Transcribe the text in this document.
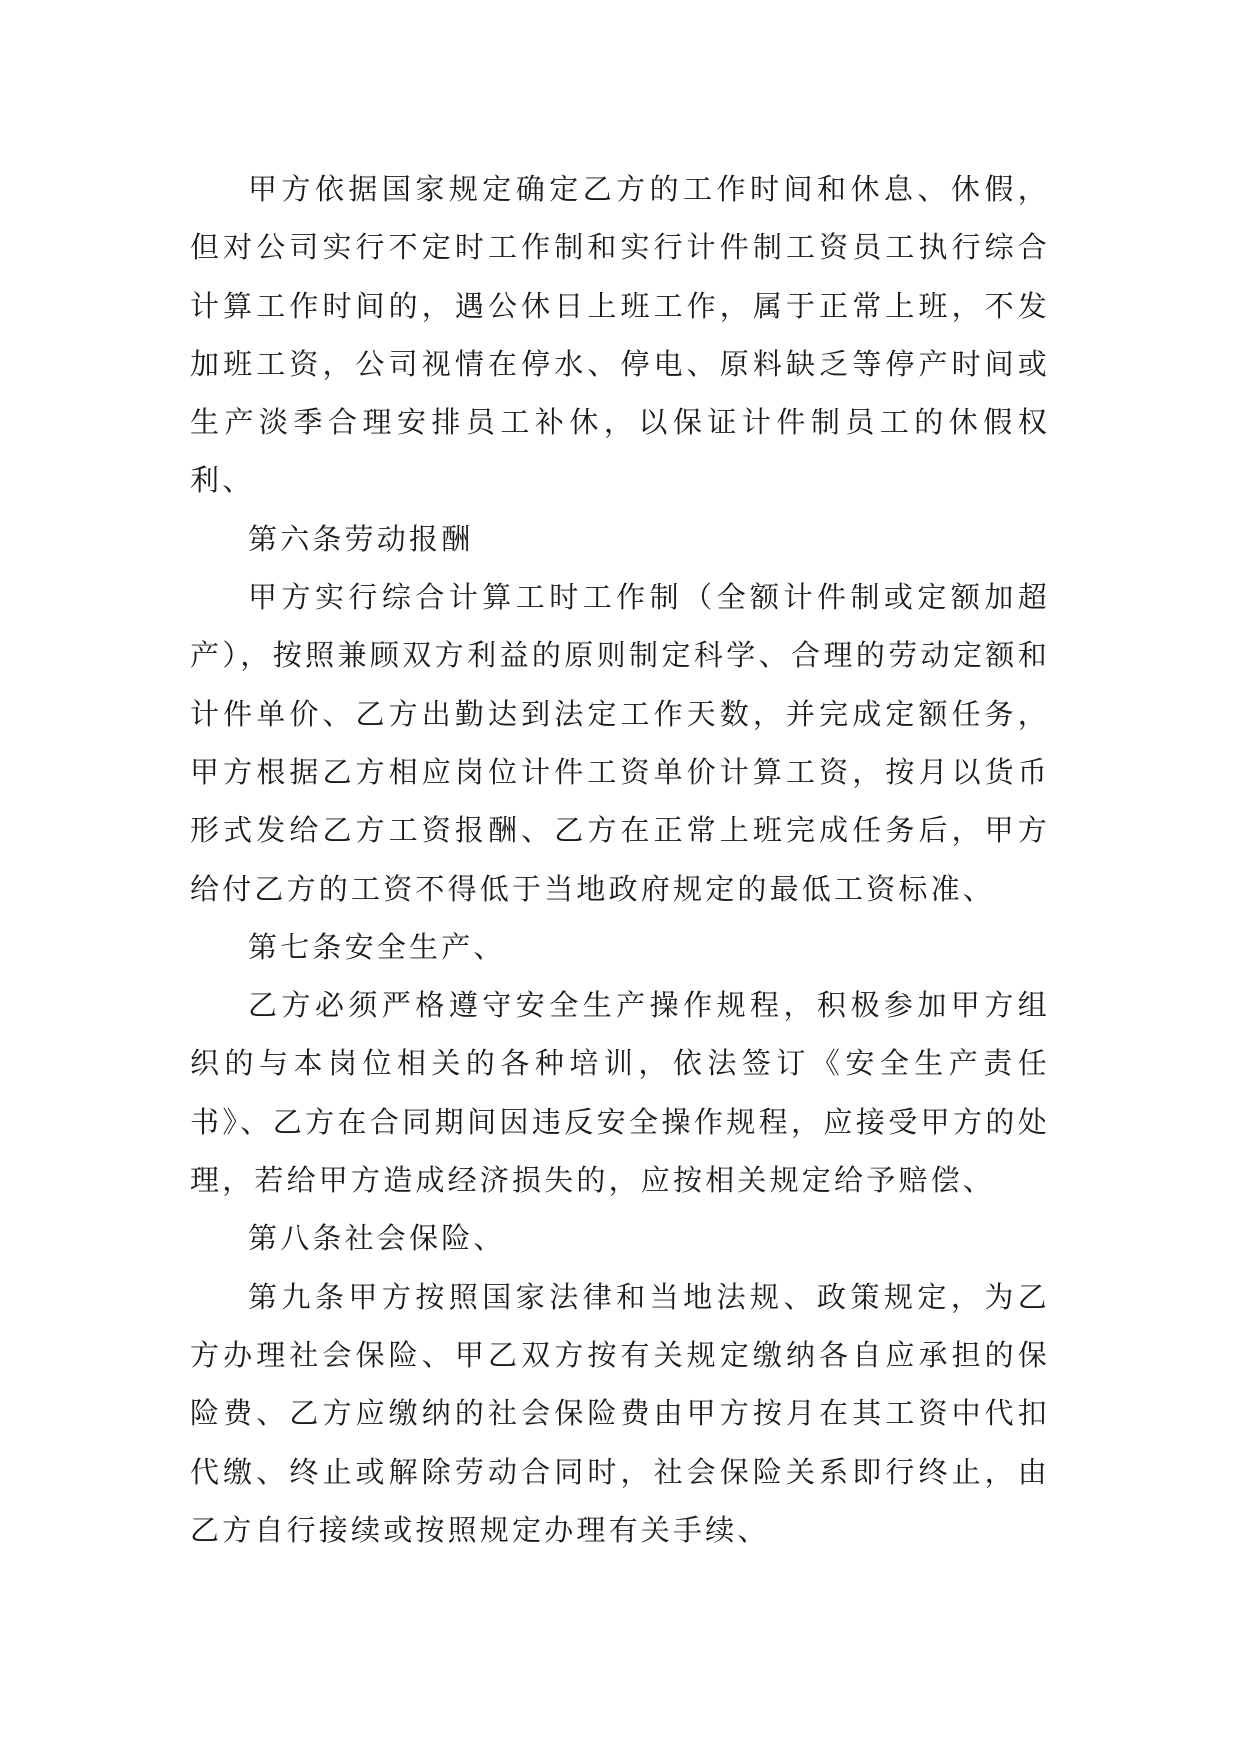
甲方依据国家规定确定乙方的工作时间和休息、休假，但对公司实行不定时工作制和实行计件制工资员工执行综合计算工作时间的，遇公休日上班工作，属于正常上班，不发加班工资，公司视情在停水、停电、原料缺乏等停产时间或生产淡季合理安排员工补休，以保证计件制员工的休假权利、

第六条劳动报酬

甲方实行综合计算工时工作制（全额计件制或定额加超产），按照兼顾双方利益的原则制定科学、合理的劳动定额和计件单价、乙方出勤达到法定工作天数，并完成定额任务，甲方根据乙方相应岗位计件工资单价计算工资，按月以货币形式发给乙方工资报酬、乙方在正常上班完成任务后，甲方给付乙方的工资不得低于当地政府规定的最低工资标准、

第七条安全生产、

乙方必须严格遵守安全生产操作规程，积极参加甲方组织的与本岗位相关的各种培训，依法签订《安全生产责任书》、乙方在合同期间因违反安全操作规程，应接受甲方的处理，若给甲方造成经济损失的，应按相关规定给予赔偿、

第八条社会保险、

第九条甲方按照国家法律和当地法规、政策规定，为乙方办理社会保险、甲乙双方按有关规定缴纳各自应承担的保险费、乙方应缴纳的社会保险费由甲方按月在其工资中代扣代缴、终止或解除劳动合同时，社会保险关系即行终止，由乙方自行接续或按照规定办理有关手续、
